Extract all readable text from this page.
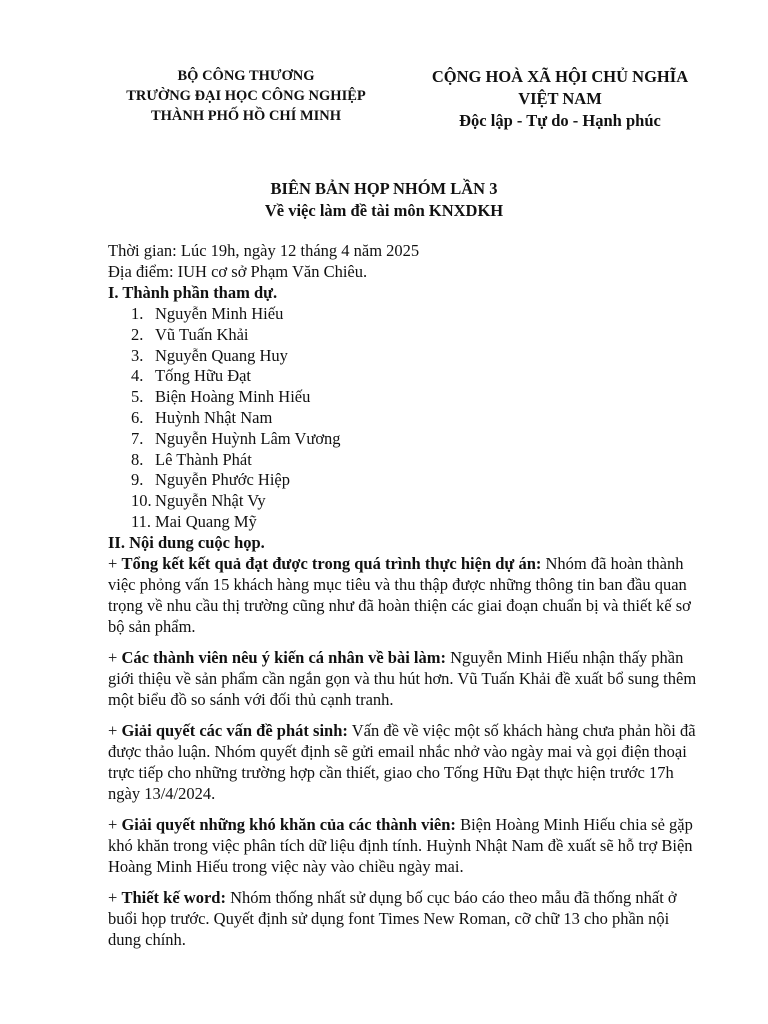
BỘ CÔNG THƯƠNG
TRƯỜNG ĐẠI HỌC CÔNG NGHIỆP
THÀNH PHỐ HỒ CHÍ MINH
CỘNG HOÀ XÃ HỘI CHỦ NGHĨA
VIỆT NAM
Độc lập - Tự do - Hạnh phúc
BIÊN BẢN HỌP NHÓM LẦN 3
Về việc làm đề tài môn KNXDKH

Thời gian: Lúc 19h, ngày 12 tháng 4 năm 2025

Địa điểm: IUH cơ sở Phạm Văn Chiêu.

I. Thành phần tham dự.

1. Nguyễn Minh Hiếu
2. Vũ Tuấn Khải
3. Nguyễn Quang Huy
4. Tống Hữu Đạt
5. Biện Hoàng Minh Hiếu
6. Huỳnh Nhật Nam
7. Nguyễn Huỳnh Lâm Vương
8. Lê Thành Phát
9. Nguyễn Phước Hiệp
10. Nguyễn Nhật Vy
11. Mai Quang Mỹ

II. Nội dung cuộc họp.

+ Tổng kết kết quả đạt được trong quá trình thực hiện dự án: Nhóm đã hoàn thành việc phỏng vấn 15 khách hàng mục tiêu và thu thập được những thông tin ban đầu quan trọng về nhu cầu thị trường cũng như đã hoàn thiện các giai đoạn chuẩn bị và thiết kế sơ bộ sản phẩm.

+ Các thành viên nêu ý kiến cá nhân về bài làm: Nguyễn Minh Hiếu nhận thấy phần giới thiệu về sản phẩm cần ngắn gọn và thu hút hơn. Vũ Tuấn Khải đề xuất bổ sung thêm một biểu đồ so sánh với đối thủ cạnh tranh.

+ Giải quyết các vấn đề phát sinh: Vấn đề về việc một số khách hàng chưa phản hồi đã được thảo luận. Nhóm quyết định sẽ gửi email nhắc nhở vào ngày mai và gọi điện thoại trực tiếp cho những trường hợp cần thiết, giao cho Tống Hữu Đạt thực hiện trước 17h ngày 13/4/2024.

+ Giải quyết những khó khăn của các thành viên: Biện Hoàng Minh Hiếu chia sẻ gặp khó khăn trong việc phân tích dữ liệu định tính. Huỳnh Nhật Nam đề xuất sẽ hỗ trợ Biện Hoàng Minh Hiếu trong việc này vào chiều ngày mai.

+ Thiết kế word: Nhóm thống nhất sử dụng bố cục báo cáo theo mẫu đã thống nhất ở buổi họp trước. Quyết định sử dụng font Times New Roman, cỡ chữ 13 cho phần nội dung chính.
